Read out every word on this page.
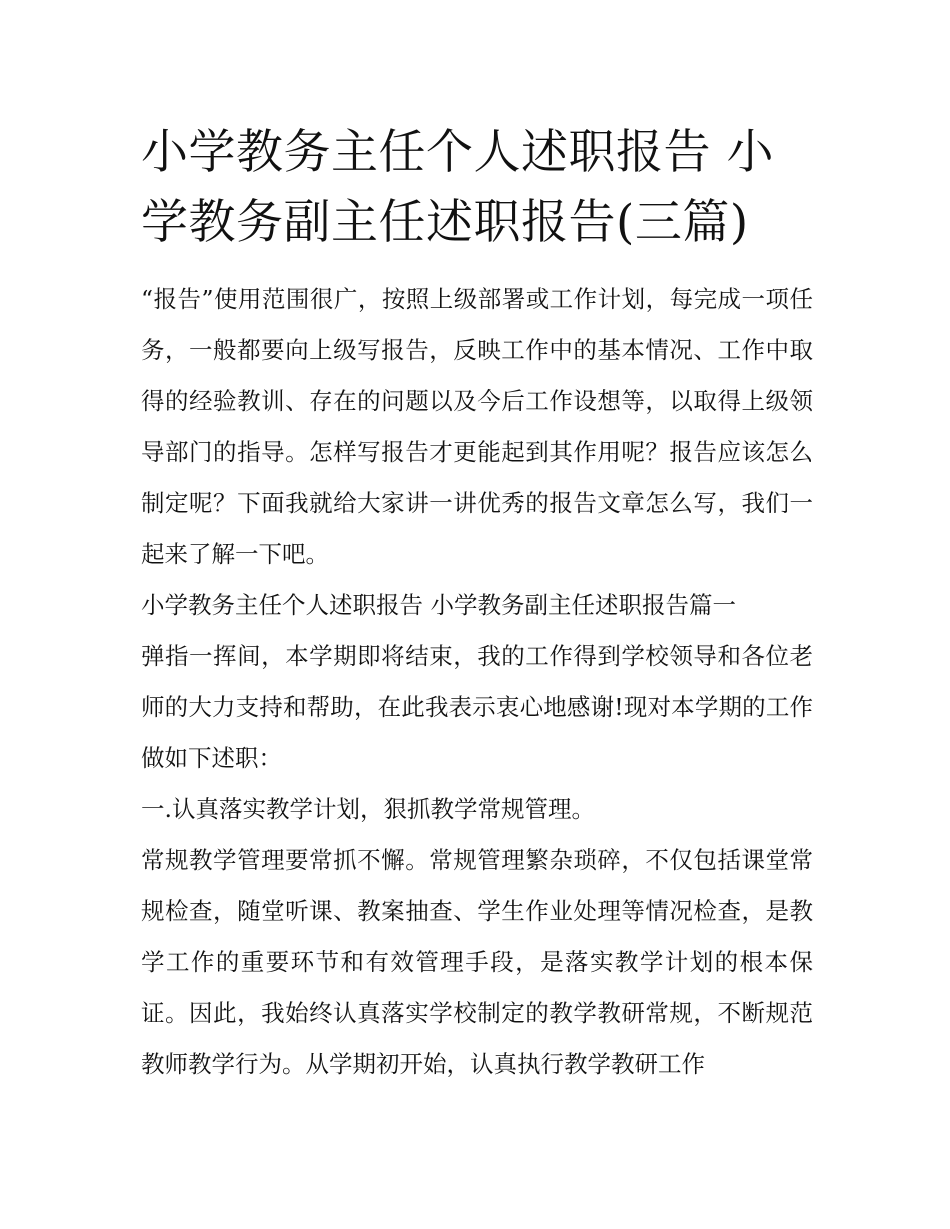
小学教务主任个人述职报告 小学教务副主任述职报告(三篇)

“报告”使用范围很广，按照上级部署或工作计划，每完成一项任务，一般都要向上级写报告，反映工作中的基本情况、工作中取得的经验教训、存在的问题以及今后工作设想等，以取得上级领导部门的指导。怎样写报告才更能起到其作用呢？报告应该怎么制定呢？下面我就给大家讲一讲优秀的报告文章怎么写，我们一起来了解一下吧。

小学教务主任个人述职报告 小学教务副主任述职报告篇一

弹指一挥间，本学期即将结束，我的工作得到学校领导和各位老师的大力支持和帮助，在此我表示衷心地感谢!现对本学期的工作做如下述职：

一.认真落实教学计划，狠抓教学常规管理。

常规教学管理要常抓不懈。常规管理繁杂琐碎，不仅包括课堂常规检查，随堂听课、教案抽查、学生作业处理等情况检查，是教学工作的重要环节和有效管理手段，是落实教学计划的根本保证。因此，我始终认真落实学校制定的教学教研常规，不断规范教师教学行为。从学期初开始，认真执行教学教研工作
